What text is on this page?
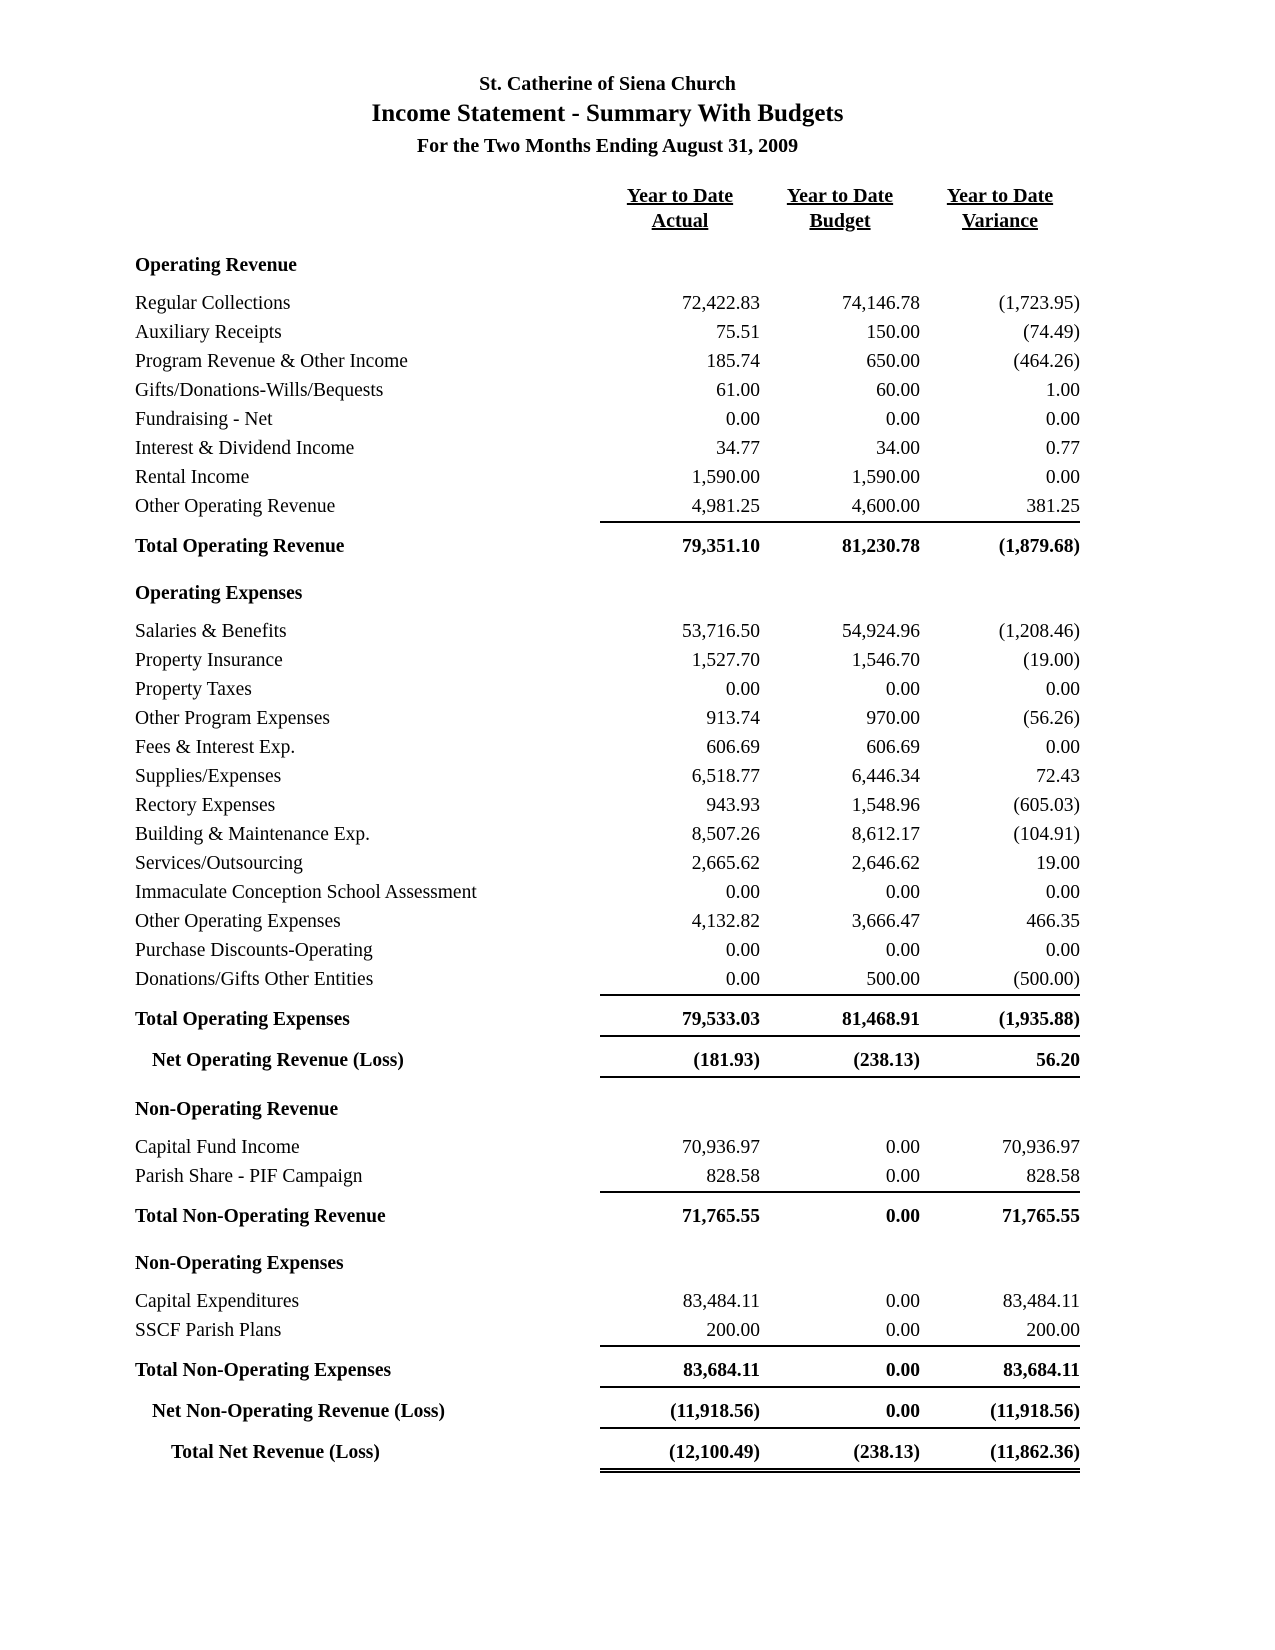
St. Catherine of Siena Church
Income Statement - Summary With Budgets
For the Two Months Ending August 31, 2009
Year to Date
Actual
Year to Date
Budget
Year to Date
Variance
Operating Revenue
Regular Collections	72,422.83	74,146.78	(1,723.95)
Auxiliary Receipts	75.51	150.00	(74.49)
Program Revenue & Other Income	185.74	650.00	(464.26)
Gifts/Donations-Wills/Bequests	61.00	60.00	1.00
Fundraising - Net	0.00	0.00	0.00
Interest & Dividend Income	34.77	34.00	0.77
Rental Income	1,590.00	1,590.00	0.00
Other Operating Revenue	4,981.25	4,600.00	381.25
Total Operating Revenue	79,351.10	81,230.78	(1,879.68)
Operating Expenses
Salaries & Benefits	53,716.50	54,924.96	(1,208.46)
Property Insurance	1,527.70	1,546.70	(19.00)
Property Taxes	0.00	0.00	0.00
Other Program Expenses	913.74	970.00	(56.26)
Fees & Interest Exp.	606.69	606.69	0.00
Supplies/Expenses	6,518.77	6,446.34	72.43
Rectory Expenses	943.93	1,548.96	(605.03)
Building & Maintenance Exp.	8,507.26	8,612.17	(104.91)
Services/Outsourcing	2,665.62	2,646.62	19.00
Immaculate Conception School Assessment	0.00	0.00	0.00
Other Operating Expenses	4,132.82	3,666.47	466.35
Purchase Discounts-Operating	0.00	0.00	0.00
Donations/Gifts Other Entities	0.00	500.00	(500.00)
Total Operating Expenses	79,533.03	81,468.91	(1,935.88)
Net Operating Revenue (Loss)	(181.93)	(238.13)	56.20
Non-Operating Revenue
Capital Fund Income	70,936.97	0.00	70,936.97
Parish Share - PIF Campaign	828.58	0.00	828.58
Total Non-Operating Revenue	71,765.55	0.00	71,765.55
Non-Operating Expenses
Capital Expenditures	83,484.11	0.00	83,484.11
SSCF Parish Plans	200.00	0.00	200.00
Total Non-Operating Expenses	83,684.11	0.00	83,684.11
Net Non-Operating Revenue (Loss)	(11,918.56)	0.00	(11,918.56)
Total Net Revenue (Loss)	(12,100.49)	(238.13)	(11,862.36)
